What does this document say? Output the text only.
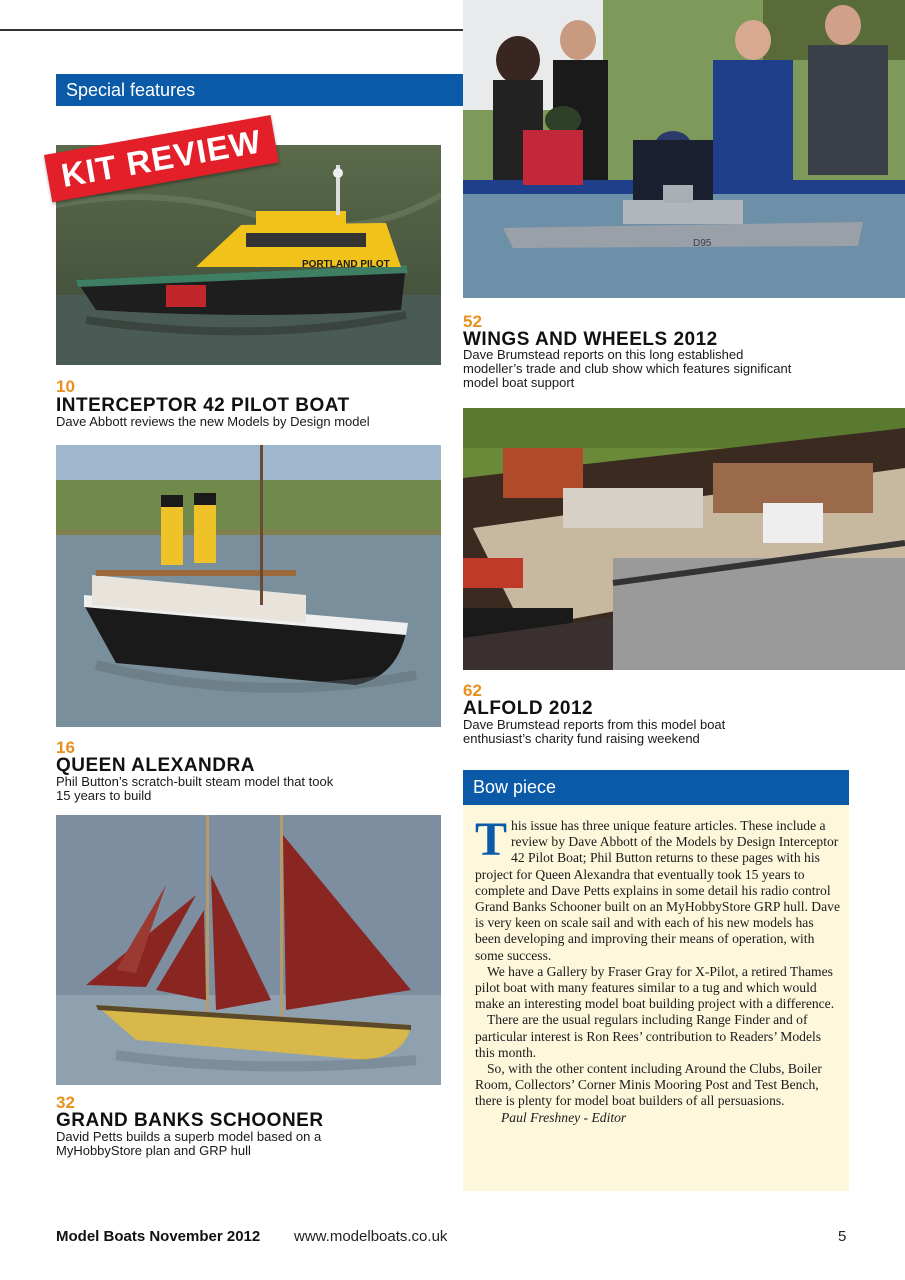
Special features
PORTLAND PILOT
KIT REVIEW
10
INTERCEPTOR 42 PILOT BOAT
Dave Abbott reviews the new Models by Design model
16
QUEEN ALEXANDRA
Phil Button’s scratch-built steam model that took
15 years to build
32
GRAND BANKS SCHOONER
David Petts builds a superb model based on a
MyHobbyStore plan and GRP hull
D95
52
WINGS AND WHEELS 2012
Dave Brumstead reports on this long established
modeller’s trade and club show which features significant
model boat support
62
ALFOLD 2012
Dave Brumstead reports from this model boat
enthusiast’s charity fund raising weekend
Bow piece

This issue has three unique feature articles. These include a review by Dave Abbott of the Models by Design Interceptor 42 Pilot Boat; Phil Button returns to these pages with his project for Queen Alexandra that eventually took 15 years to complete and Dave Petts explains in some detail his radio control Grand Banks Schooner built on an MyHobbyStore GRP hull. Dave is very keen on scale sail and with each of his new models has been developing and improving their means of operation, with some success.

We have a Gallery by Fraser Gray for X-Pilot, a retired Thames pilot boat with many features similar to a tug and which would make an interesting model boat building project with a difference.

There are the usual regulars including Range Finder and of particular interest is Ron Rees’ contribution to Readers’ Models this month.

So, with the other content including Around the Clubs, Boiler Room, Collectors’ Corner Minis Mooring Post and Test Bench, there is plenty for model boat builders of all persuasions.

Paul Freshney - Editor

Model Boats November 2012 www.modelboats.co.uk	5
